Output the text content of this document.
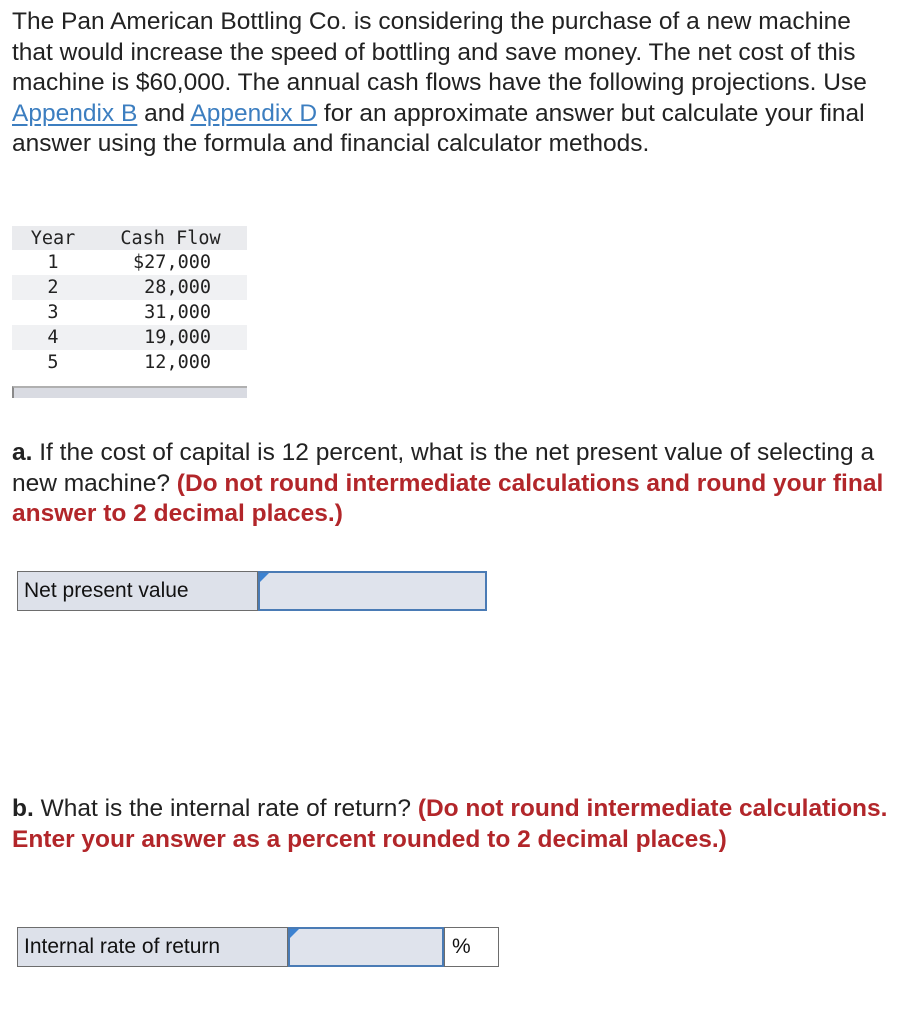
The Pan American Bottling Co. is considering the purchase of a new machine that would increase the speed of bottling and save money. The net cost of this machine is $60,000. The annual cash flows have the following projections. Use Appendix B and Appendix D for an approximate answer but calculate your final answer using the formula and financial calculator methods.

Year	Cash Flow
1	$27,000
2	28,000
3	31,000
4	19,000
5	12,000

a. If the cost of capital is 12 percent, what is the net present value of selecting a new machine? (Do not round intermediate calculations and round your final answer to 2 decimal places.)

Net present value

b. What is the internal rate of return? (Do not round intermediate calculations. Enter your answer as a percent rounded to 2 decimal places.)

Internal rate of return	%
